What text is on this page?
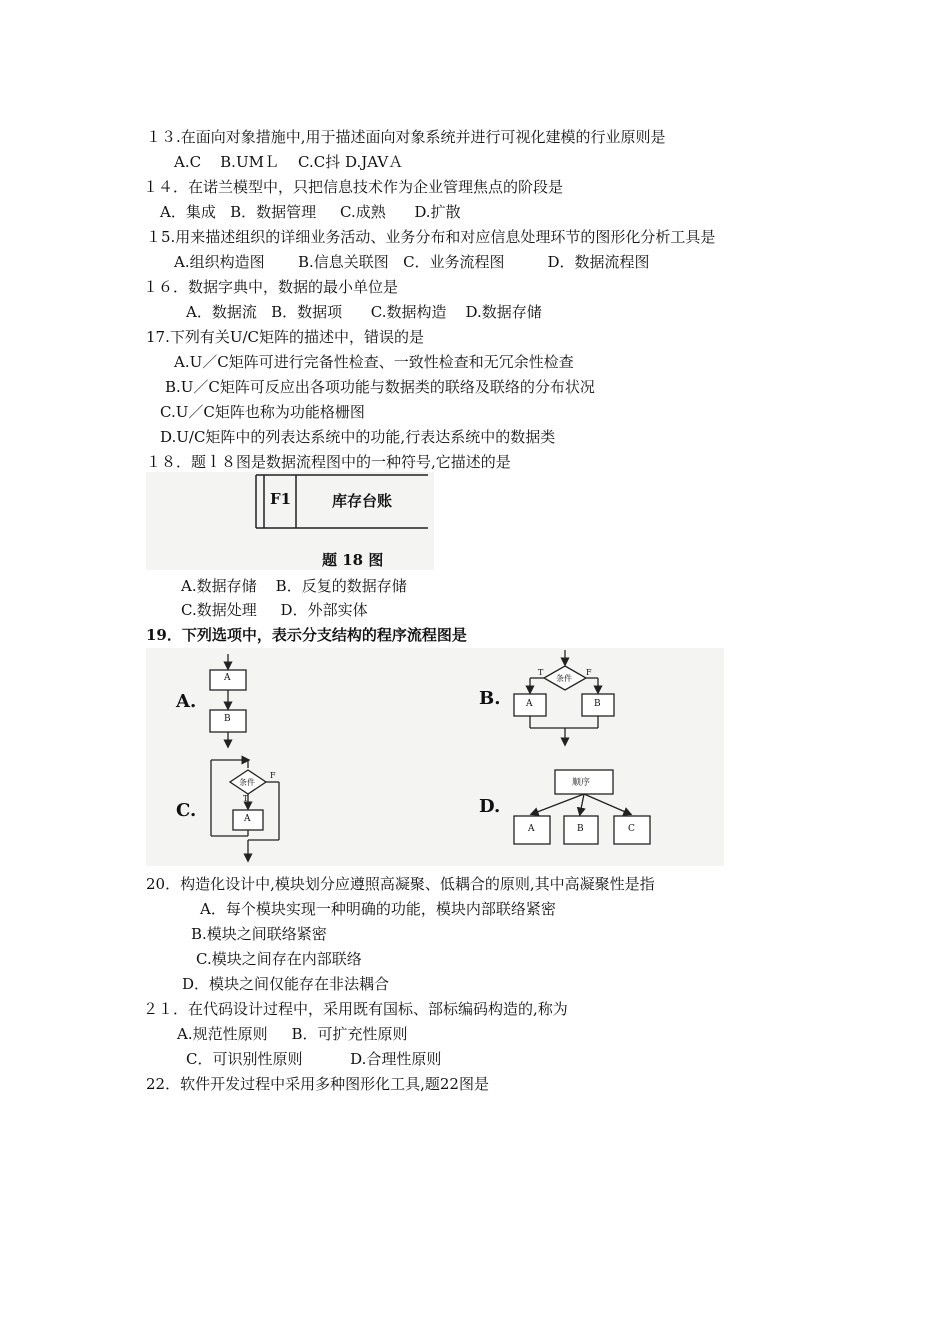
１３.在面向对象措施中,用于描述面向对象系统并进行可视化建模的行业原则是
A.C    B.UMＬ    C.C抖 D.JAVＡ
１４．在诺兰模型中，只把信息技术作为企业管理焦点的阶段是
A．集成   B．数据管理     C.成熟      D.扩散
１5.用来描述组织的详细业务活动、业务分布和对应信息处理环节的图形化分析工具是
A.组织构造图       B.信息关联图   C．业务流程图         D．数据流程图
１６．数据字典中，数据的最小单位是
A．数据流   B．数据项      C.数据构造    D.数据存储
17.下列有关U/C矩阵的描述中，错误的是
A.U／C矩阵可进行完备性检查、一致性检查和无冗余性检查
B.U／C矩阵可反应出各项功能与数据类的联络及联络的分布状况
C.U／C矩阵也称为功能格栅图
D.U/C矩阵中的列表达系统中的功能,行表达系统中的数据类
１８．题ｌ８图是数据流程图中的一种符号,它描述的是
F1	库存台账
题 18 图
A.数据存储    B．反复的数据存储
C.数据处理     D．外部实体
19．下列选项中，表示分支结构的程序流程图是
A.	B.
C.	D.
A
B
条件
T
F
A
条件
T	F
A	B
顺序
A	B	C
20．构造化设计中,模块划分应遵照高凝聚、低耦合的原则,其中高凝聚性是指
A．每个模块实现一种明确的功能，模块内部联络紧密
B.模块之间联络紧密
C.模块之间存在内部联络
D．模块之间仅能存在非法耦合
２１．在代码设计过程中，采用既有国标、部标编码构造的,称为
A.规范性原则     B．可扩充性原则
C．可识别性原则          D.合理性原则
22．软件开发过程中采用多种图形化工具,题22图是
